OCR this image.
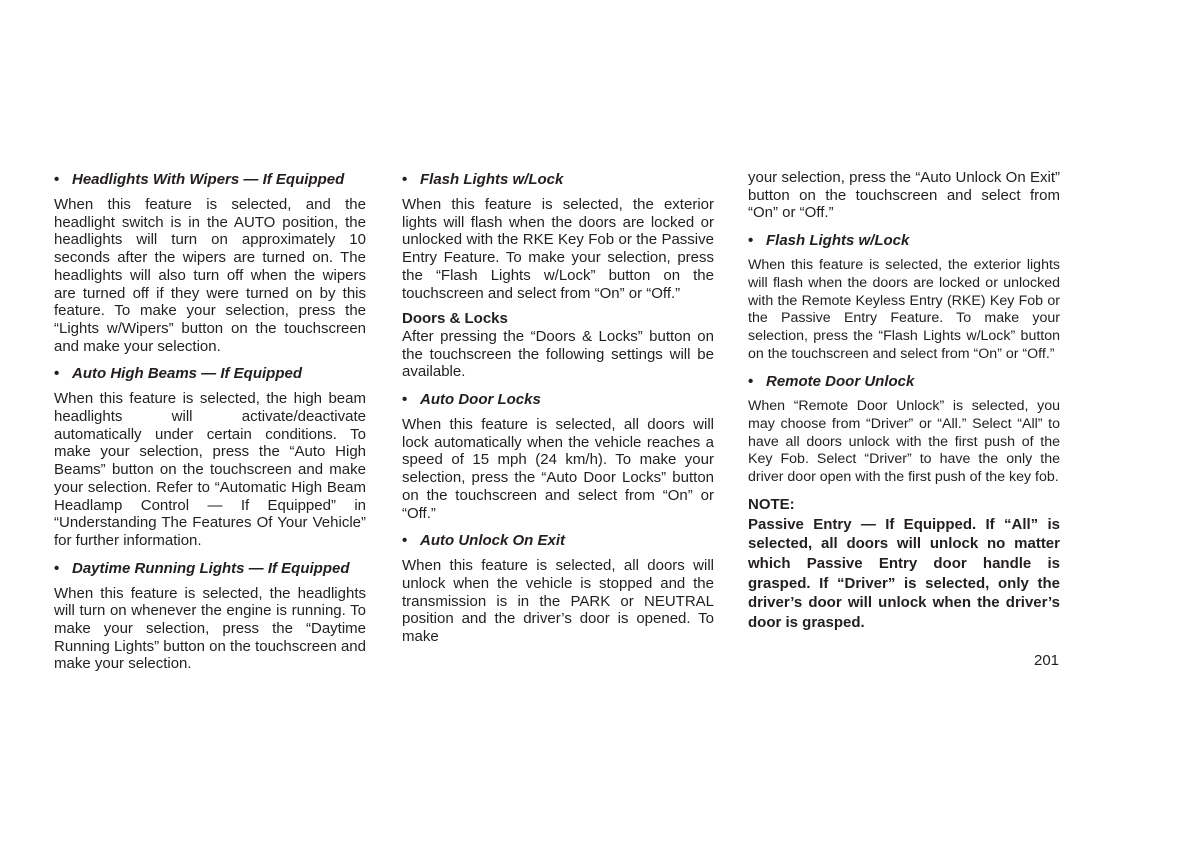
• Headlights With Wipers — If Equipped

When this feature is selected, and the headlight switch is in the AUTO position, the headlights will turn on approximately 10 seconds after the wipers are turned on. The headlights will also turn off when the wipers are turned off if they were turned on by this feature. To make your selection, press the “Lights w/Wipers” button on the touchscreen and make your selection.

• Auto High Beams — If Equipped

When this feature is selected, the high beam headlights will activate/deactivate automatically under certain conditions. To make your selection, press the “Auto High Beams” button on the touchscreen and make your selection. Refer to “Automatic High Beam Headlamp Control — If Equipped” in “Understanding The Features Of Your Vehicle” for further information.

• Daytime Running Lights — If Equipped

When this feature is selected, the headlights will turn on whenever the engine is running. To make your selection, press the “Daytime Running Lights” button on the touchscreen and make your selection.

• Flash Lights w/Lock

When this feature is selected, the exterior lights will flash when the doors are locked or unlocked with the RKE Key Fob or the Passive Entry Feature. To make your selection, press the “Flash Lights w/Lock” button on the touchscreen and select from “On” or “Off.”

Doors & Locks

After pressing the “Doors & Locks” button on the touchscreen the following settings will be available.

• Auto Door Locks

When this feature is selected, all doors will lock automatically when the vehicle reaches a speed of 15 mph (24 km/h). To make your selection, press the “Auto Door Locks” button on the touchscreen and select from “On” or “Off.”

• Auto Unlock On Exit

When this feature is selected, all doors will unlock when the vehicle is stopped and the transmission is in the PARK or NEUTRAL position and the driver’s door is opened. To make

your selection, press the “Auto Unlock On Exit” button on the touchscreen and select from “On” or “Off.”

• Flash Lights w/Lock

When this feature is selected, the exterior lights will flash when the doors are locked or unlocked with the Remote Keyless Entry (RKE) Key Fob or the Passive Entry Feature. To make your selection, press the “Flash Lights w/Lock” button on the touchscreen and select from “On” or “Off.”

• Remote Door Unlock

When “Remote Door Unlock” is selected, you may choose from “Driver” or “All.” Select “All” to have all doors unlock with the first push of the Key Fob. Select “Driver” to have the only the driver door open with the first push of the key fob.

NOTE:

Passive Entry — If Equipped. If “All” is selected, all doors will unlock no matter which Passive Entry door handle is grasped. If “Driver” is selected, only the driver’s door will unlock when the driver’s door is grasped.

201
